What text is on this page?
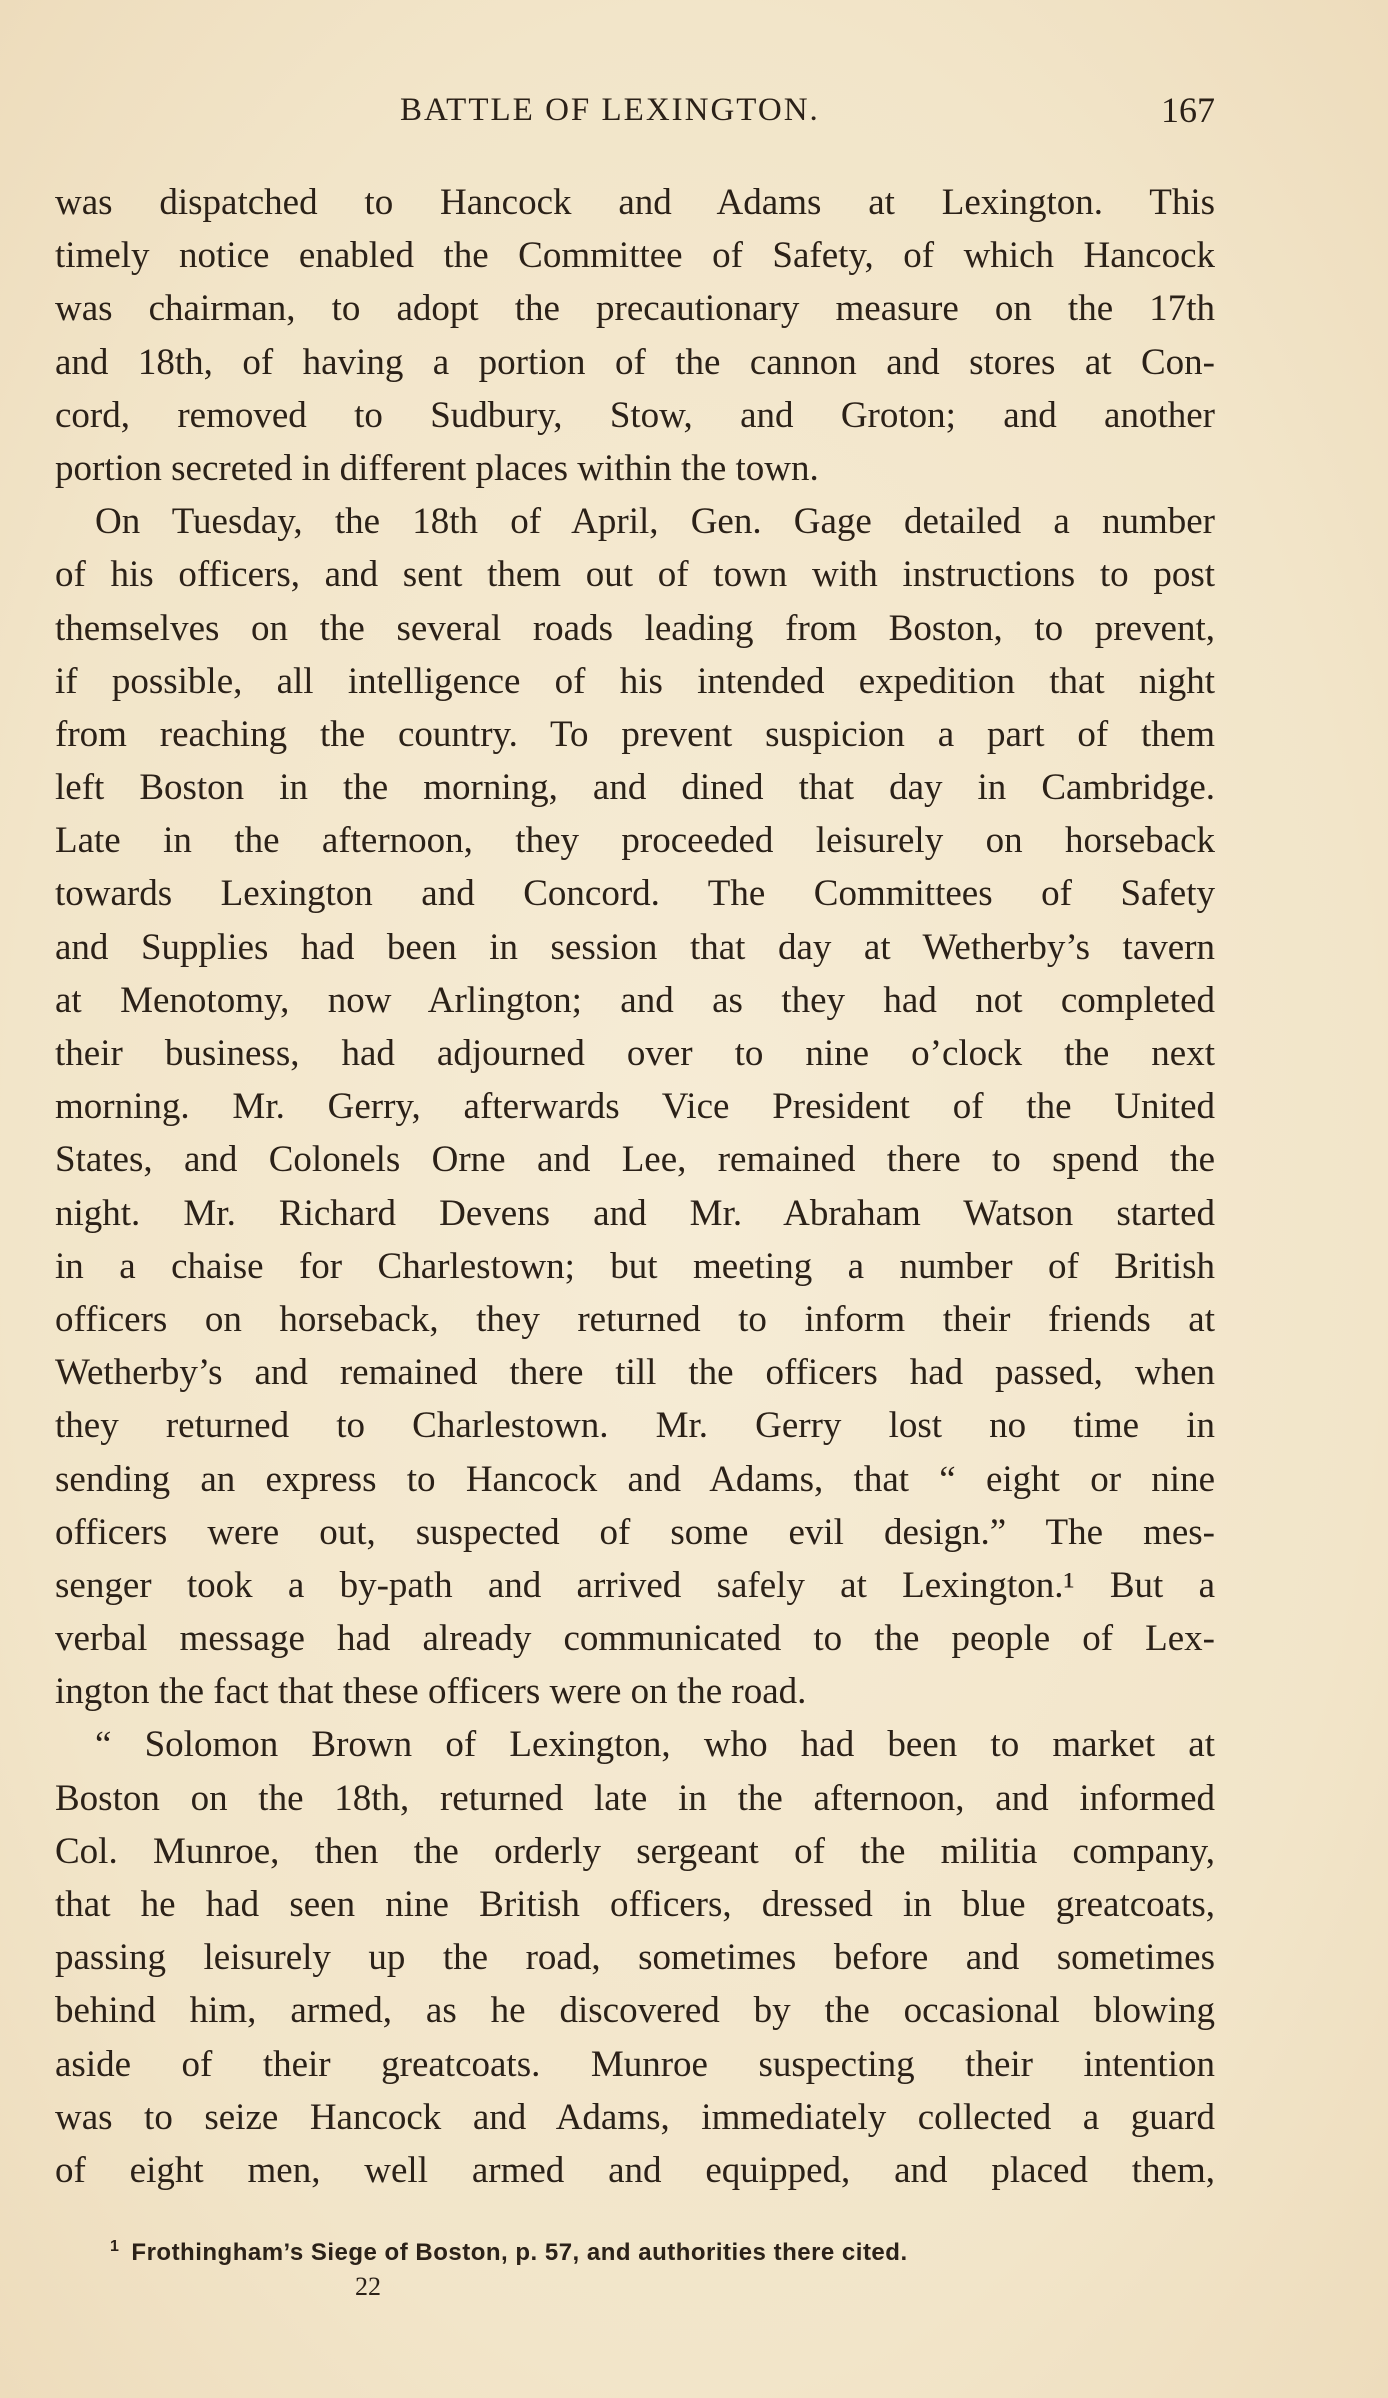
BATTLE OF LEXINGTON.	167
was dispatched to Hancock and Adams at Lexington. This
timely notice enabled the Committee of Safety, of which Hancock
was chairman, to adopt the precautionary measure on the 17th
and 18th, of having a portion of the cannon and stores at Con-
cord, removed to Sudbury, Stow, and Groton; and another
portion secreted in different places within the town.
On Tuesday, the 18th of April, Gen. Gage detailed a number
of his officers, and sent them out of town with instructions to post
themselves on the several roads leading from Boston, to prevent,
if possible, all intelligence of his intended expedition that night
from reaching the country. To prevent suspicion a part of them
left Boston in the morning, and dined that day in Cambridge.
Late in the afternoon, they proceeded leisurely on horseback
towards Lexington and Concord. The Committees of Safety
and Supplies had been in session that day at Wetherby’s tavern
at Menotomy, now Arlington; and as they had not completed
their business, had adjourned over to nine o’clock the next
morning. Mr. Gerry, afterwards Vice President of the United
States, and Colonels Orne and Lee, remained there to spend the
night. Mr. Richard Devens and Mr. Abraham Watson started
in a chaise for Charlestown; but meeting a number of British
officers on horseback, they returned to inform their friends at
Wetherby’s and remained there till the officers had passed, when
they returned to Charlestown. Mr. Gerry lost no time in
sending an express to Hancock and Adams, that “ eight or nine
officers were out, suspected of some evil design.” The mes-
senger took a by-path and arrived safely at Lexington.¹ But a
verbal message had already communicated to the people of Lex-
ington the fact that these officers were on the road.
“ Solomon Brown of Lexington, who had been to market at
Boston on the 18th, returned late in the afternoon, and informed
Col. Munroe, then the orderly sergeant of the militia company,
that he had seen nine British officers, dressed in blue greatcoats,
passing leisurely up the road, sometimes before and sometimes
behind him, armed, as he discovered by the occasional blowing
aside of their greatcoats. Munroe suspecting their intention
was to seize Hancock and Adams, immediately collected a guard
of eight men, well armed and equipped, and placed them,
$^1$ Frothingham’s Siege of Boston, p. 57, and authorities there cited.
22
